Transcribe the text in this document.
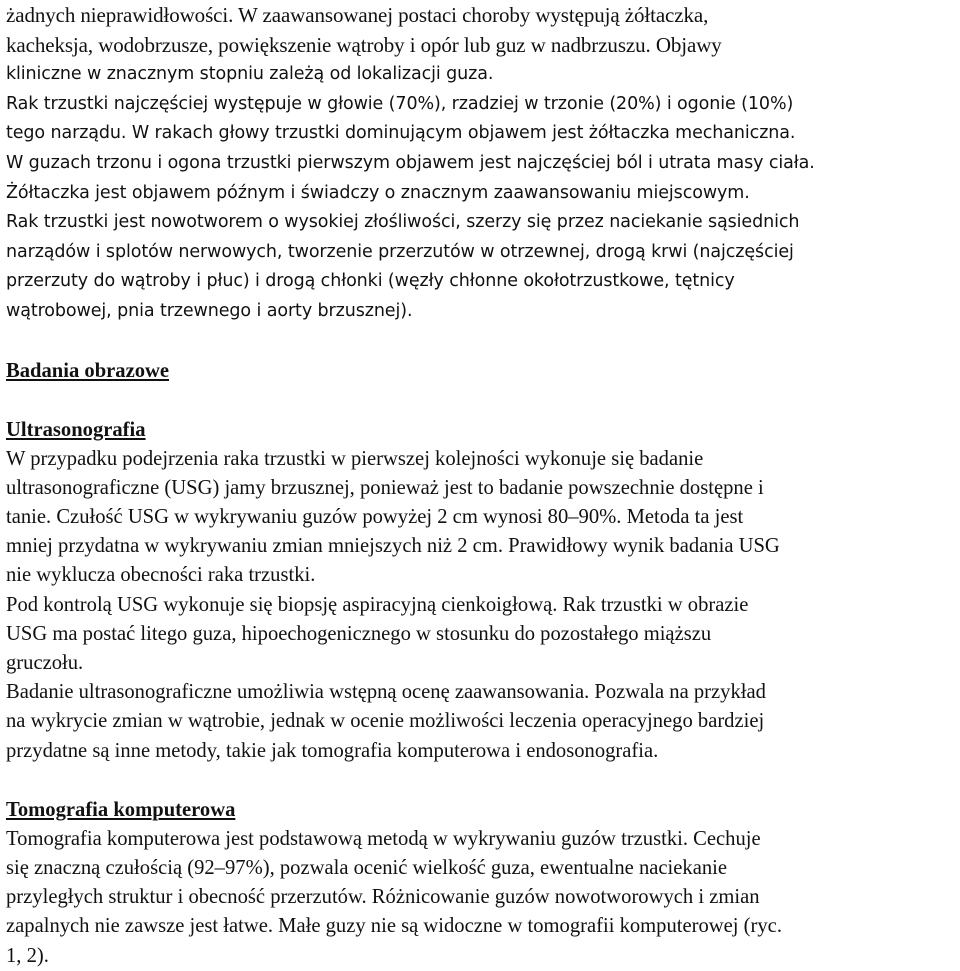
żadnych nieprawidłowości. W zaawansowanej postaci choroby występują żółtaczka,
kacheksja, wodobrzusze, powiększenie wątroby i opór lub guz w nadbrzuszu. Objawy
kliniczne w znacznym stopniu zależą od lokalizacji guza.
Rak trzustki najczęściej występuje w głowie (70%), rzadziej w trzonie (20%) i ogonie (10%)
tego narządu. W rakach głowy trzustki dominującym objawem jest żółtaczka mechaniczna.
W guzach trzonu i ogona trzustki pierwszym objawem jest najczęściej ból i utrata masy ciała.
Żółtaczka jest objawem późnym i świadczy o znacznym zaawansowaniu miejscowym.
Rak trzustki jest nowotworem o wysokiej złośliwości, szerzy się przez naciekanie sąsiednich
narządów i splotów nerwowych, tworzenie przerzutów w otrzewnej, drogą krwi (najczęściej
przerzuty do wątroby i płuc) i drogą chłonki (węzły chłonne okołotrzustkowe, tętnicy
wątrobowej, pnia trzewnego i aorty brzusznej).
Badania obrazowe
Ultrasonografia
W przypadku podejrzenia raka trzustki w pierwszej kolejności wykonuje się badanie
ultrasonograficzne (USG) jamy brzusznej, ponieważ jest to badanie powszechnie dostępne i
tanie. Czułość USG w wykrywaniu guzów powyżej 2 cm wynosi 80–90%. Metoda ta jest
mniej przydatna w wykrywaniu zmian mniejszych niż 2 cm. Prawidłowy wynik badania USG
nie wyklucza obecności raka trzustki.
Pod kontrolą USG wykonuje się biopsję aspiracyjną cienkoigłową. Rak trzustki w obrazie
USG ma postać litego guza, hipoechogenicznego w stosunku do pozostałego miąższu
gruczołu.
Badanie ultrasonograficzne umożliwia wstępną ocenę zaawansowania. Pozwala na przykład
na wykrycie zmian w wątrobie, jednak w ocenie możliwości leczenia operacyjnego bardziej
przydatne są inne metody, takie jak tomografia komputerowa i endosonografia.
Tomografia komputerowa
Tomografia komputerowa jest podstawową metodą w wykrywaniu guzów trzustki. Cechuje
się znaczną czułością (92–97%), pozwala ocenić wielkość guza, ewentualne naciekanie
przyległych struktur i obecność przerzutów. Różnicowanie guzów nowotworowych i zmian
zapalnych nie zawsze jest łatwe. Małe guzy nie są widoczne w tomografii komputerowej (ryc.
1, 2).
